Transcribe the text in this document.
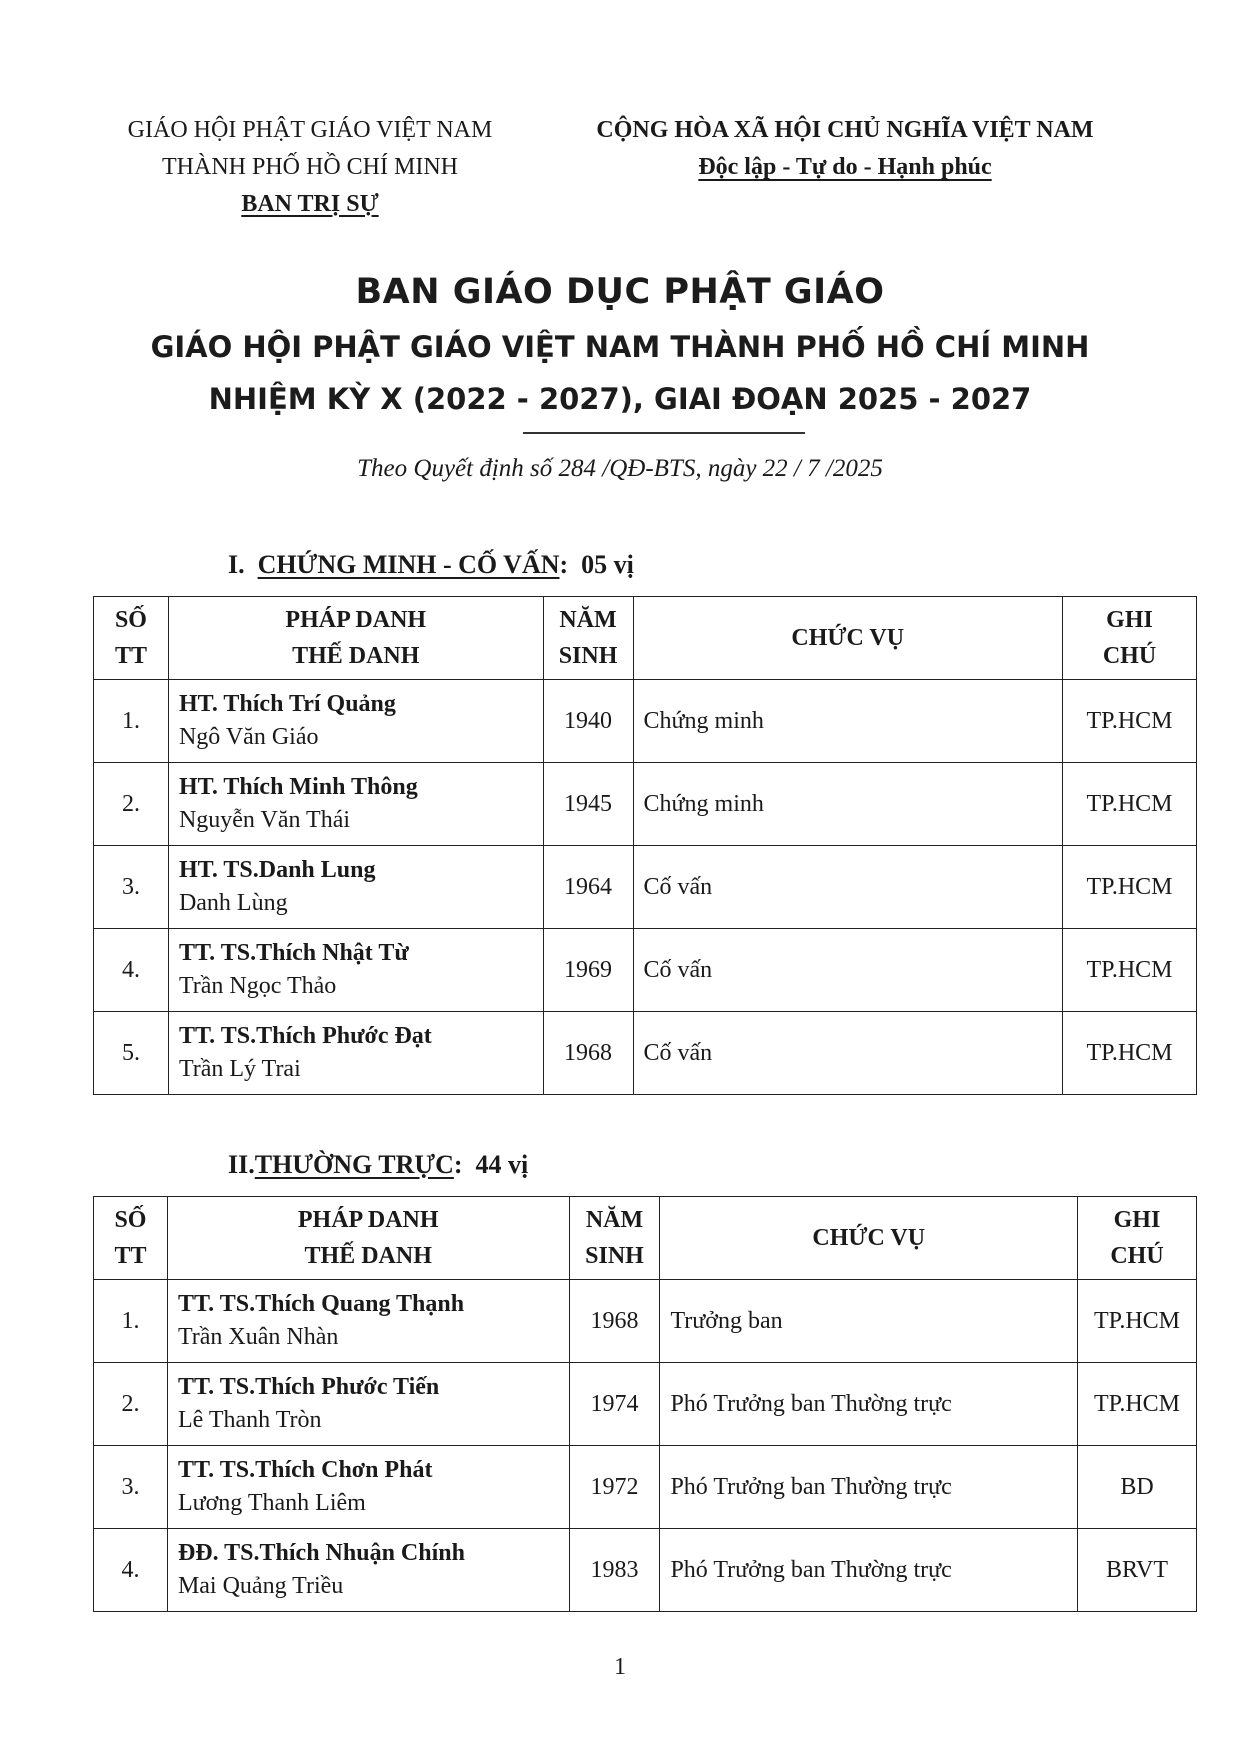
GIÁO HỘI PHẬT GIÁO VIỆT NAM
THÀNH PHỐ HỒ CHÍ MINH
BAN TRỊ SỰ
CỘNG HÒA XÃ HỘI CHỦ NGHĨA VIỆT NAM
Độc lập - Tự do - Hạnh phúc
BAN GIÁO DỤC PHẬT GIÁO
GIÁO HỘI PHẬT GIÁO VIỆT NAM THÀNH PHỐ HỒ CHÍ MINH
NHIỆM KỲ X (2022 - 2027), GIAI ĐOẠN 2025 - 2027
Theo Quyết định số 284 /QĐ-BTS, ngày 22 / 7 /2025
I.  CHỨNG MINH - CỐ VẤN:  05 vị
SỐ
TT	PHÁP DANH
THẾ DANH	NĂM
SINH	CHỨC VỤ	GHI
CHÚ
1.	HT. Thích Trí Quảng
Ngô Văn Giáo	1940	Chứng minh	TP.HCM
2.	HT. Thích Minh Thông
Nguyễn Văn Thái	1945	Chứng minh	TP.HCM
3.	HT. TS.Danh Lung
Danh Lùng	1964	Cố vấn	TP.HCM
4.	TT. TS.Thích Nhật Từ
Trần Ngọc Thảo	1969	Cố vấn	TP.HCM
5.	TT. TS.Thích Phước Đạt
Trần Lý Trai	1968	Cố vấn	TP.HCM
II.THƯỜNG TRỰC:  44 vị
SỐ
TT	PHÁP DANH
THẾ DANH	NĂM
SINH	CHỨC VỤ	GHI
CHÚ
1.	TT. TS.Thích Quang Thạnh
Trần Xuân Nhàn	1968	Trưởng ban	TP.HCM
2.	TT. TS.Thích Phước Tiến
Lê Thanh Tròn	1974	Phó Trưởng ban Thường trực	TP.HCM
3.	TT. TS.Thích Chơn Phát
Lương Thanh Liêm	1972	Phó Trưởng ban Thường trực	BD
4.	ĐĐ. TS.Thích Nhuận Chính
Mai Quảng Triều	1983	Phó Trưởng ban Thường trực	BRVT
1
